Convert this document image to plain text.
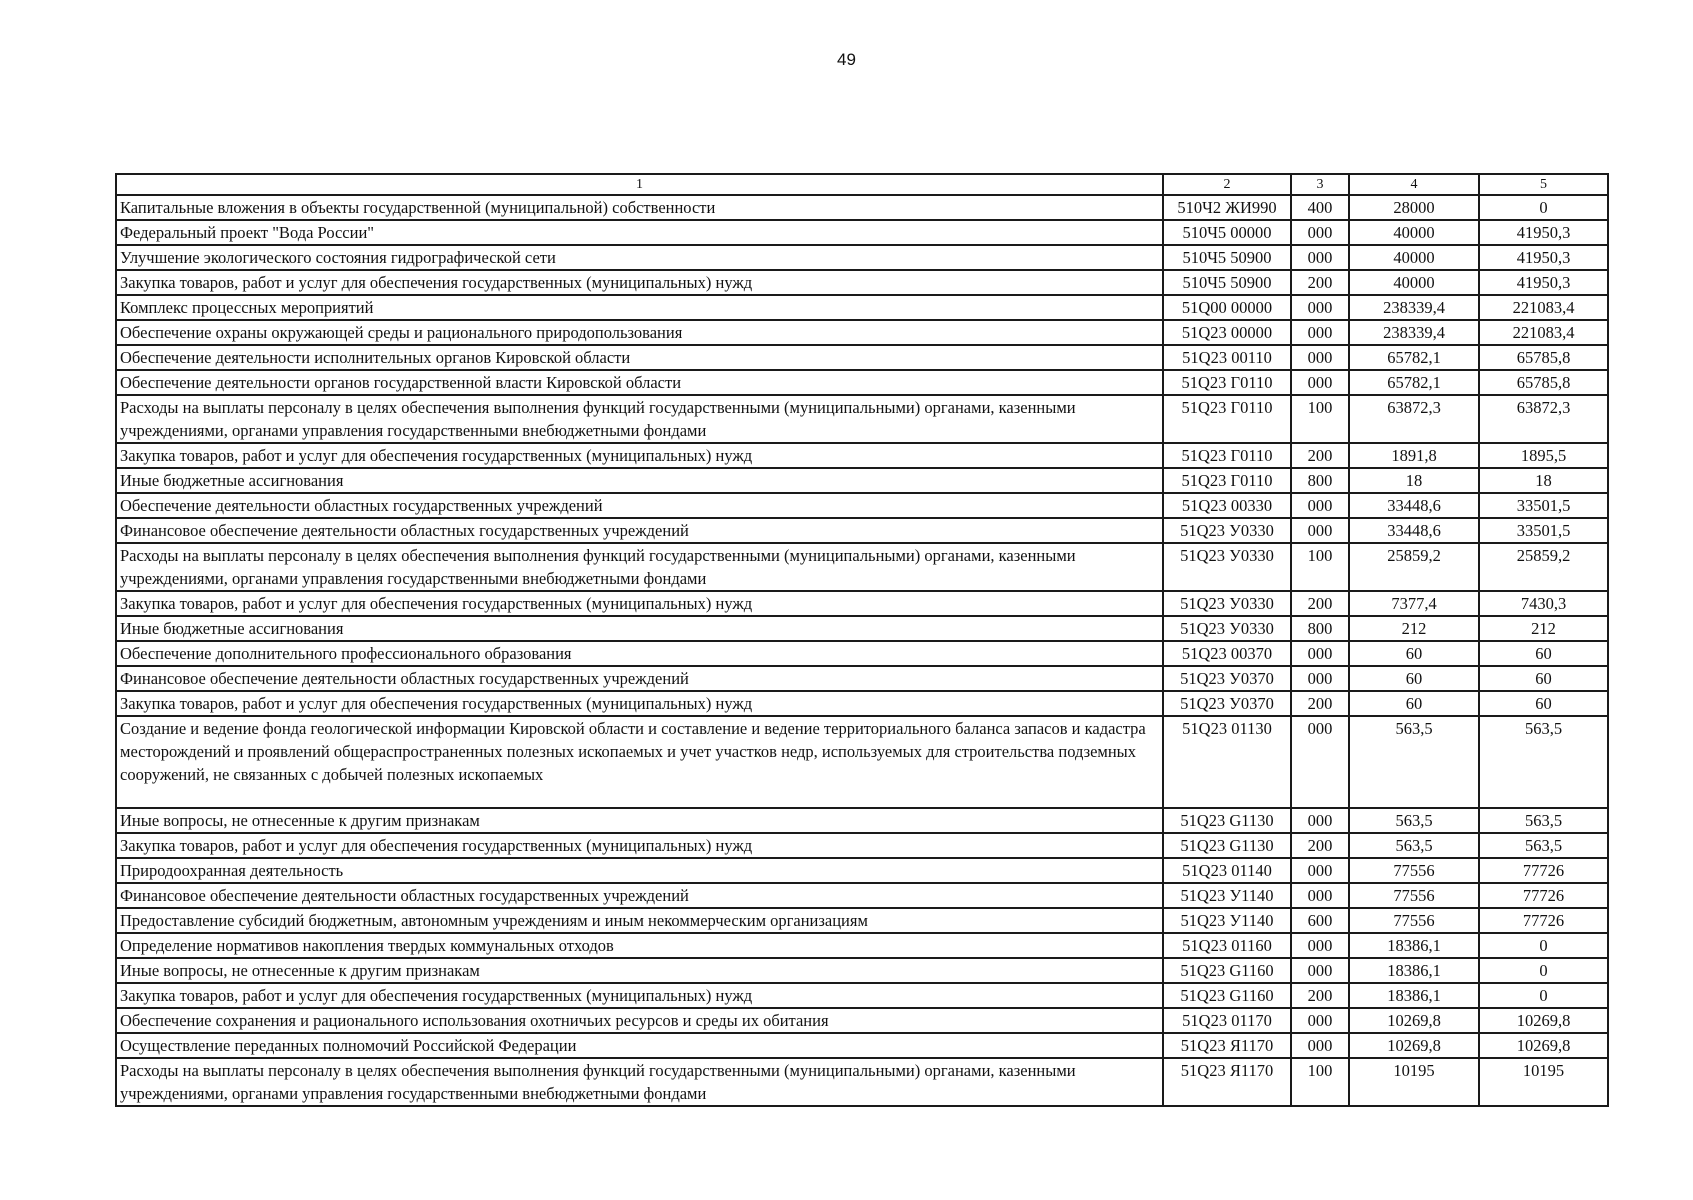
49
1	2	3	4	5
Капитальные вложения в объекты государственной (муниципальной) собственности	510Ч2 ЖИ990	400	28000	0
Федеральный проект "Вода России"	510Ч5 00000	000	40000	41950,3
Улучшение экологического состояния гидрографической сети	510Ч5 50900	000	40000	41950,3
Закупка товаров, работ и услуг для обеспечения государственных (муниципальных) нужд	510Ч5 50900	200	40000	41950,3
Комплекс процессных мероприятий	51Q00 00000	000	238339,4	221083,4
Обеспечение охраны окружающей среды и рационального природопользования	51Q23 00000	000	238339,4	221083,4
Обеспечение деятельности исполнительных органов Кировской области	51Q23 00110	000	65782,1	65785,8
Обеспечение деятельности органов государственной власти Кировской области	51Q23 Г0110	000	65782,1	65785,8
Расходы на выплаты персоналу в целях обеспечения выполнения функций государственными (муниципальными) органами, казенными учреждениями, органами управления государственными внебюджетными фондами	51Q23 Г0110	100	63872,3	63872,3
Закупка товаров, работ и услуг для обеспечения государственных (муниципальных) нужд	51Q23 Г0110	200	1891,8	1895,5
Иные бюджетные ассигнования	51Q23 Г0110	800	18	18
Обеспечение деятельности областных государственных учреждений	51Q23 00330	000	33448,6	33501,5
Финансовое обеспечение деятельности областных государственных учреждений	51Q23 У0330	000	33448,6	33501,5
Расходы на выплаты персоналу в целях обеспечения выполнения функций государственными (муниципальными) органами, казенными учреждениями, органами управления государственными внебюджетными фондами	51Q23 У0330	100	25859,2	25859,2
Закупка товаров, работ и услуг для обеспечения государственных (муниципальных) нужд	51Q23 У0330	200	7377,4	7430,3
Иные бюджетные ассигнования	51Q23 У0330	800	212	212
Обеспечение дополнительного профессионального образования	51Q23 00370	000	60	60
Финансовое обеспечение деятельности областных государственных учреждений	51Q23 У0370	000	60	60
Закупка товаров, работ и услуг для обеспечения государственных (муниципальных) нужд	51Q23 У0370	200	60	60
Создание и ведение фонда геологической информации Кировской области и составление и ведение территориального баланса запасов и кадастра месторождений и проявлений общераспространенных полезных ископаемых и учет участков недр, используемых для строительства подземных сооружений, не связанных с добычей полезных ископаемых	51Q23 01130	000	563,5	563,5
Иные вопросы, не отнесенные к другим признакам	51Q23 G1130	000	563,5	563,5
Закупка товаров, работ и услуг для обеспечения государственных (муниципальных) нужд	51Q23 G1130	200	563,5	563,5
Природоохранная деятельность	51Q23 01140	000	77556	77726
Финансовое обеспечение деятельности областных государственных учреждений	51Q23 У1140	000	77556	77726
Предоставление субсидий бюджетным, автономным учреждениям и иным некоммерческим организациям	51Q23 У1140	600	77556	77726
Определение нормативов накопления твердых коммунальных отходов	51Q23 01160	000	18386,1	0
Иные вопросы, не отнесенные к другим признакам	51Q23 G1160	000	18386,1	0
Закупка товаров, работ и услуг для обеспечения государственных (муниципальных) нужд	51Q23 G1160	200	18386,1	0
Обеспечение сохранения и рационального использования охотничьих ресурсов и среды их обитания	51Q23 01170	000	10269,8	10269,8
Осуществление переданных полномочий Российской Федерации	51Q23 Я1170	000	10269,8	10269,8
Расходы на выплаты персоналу в целях обеспечения выполнения функций государственными (муниципальными) органами, казенными учреждениями, органами управления государственными внебюджетными фондами	51Q23 Я1170	100	10195	10195
